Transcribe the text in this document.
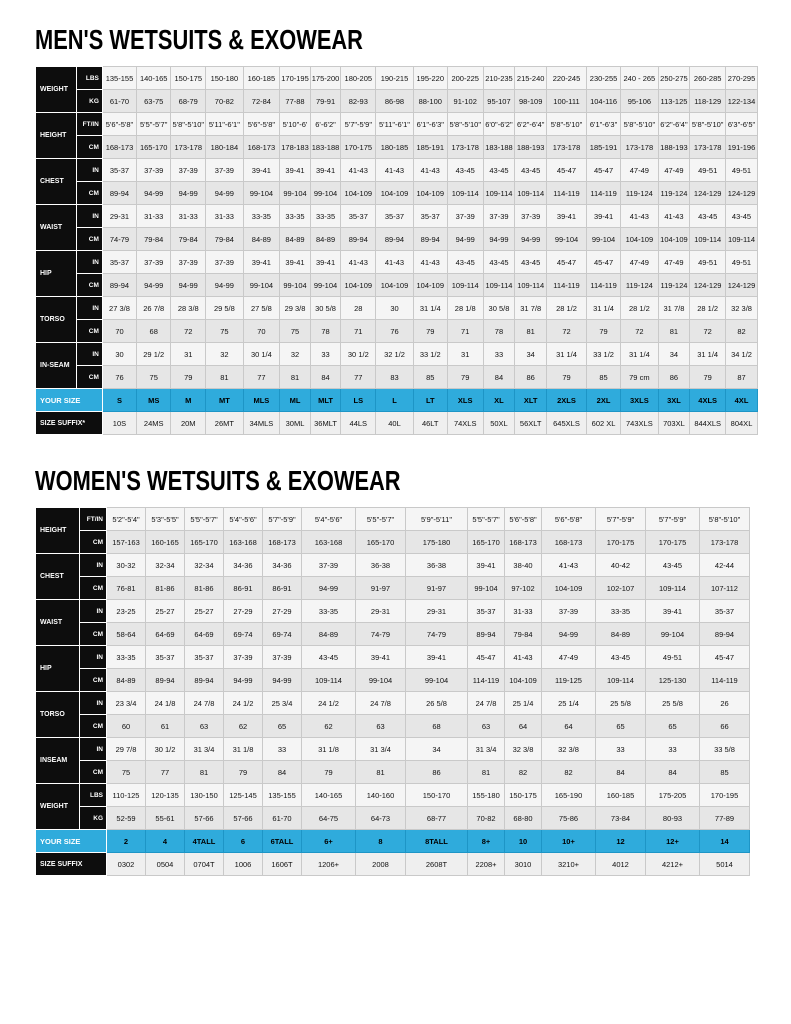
MEN'S WETSUITS & EXOWEAR
WEIGHT	LBS	135-155	140-165	150-175	150-180	160-185	170-195	175-200	180-205	190-215	195-220	200-225	210-235	215-240	220-245	230-255	240 - 265	250-275	260-285	270-295
	KG	61-70	63-75	68-79	70-82	72-84	77-88	79-91	82-93	86-98	88-100	91-102	95-107	98-109	100-111	104-116	95-106	113-125	118-129	122-134
HEIGHT	FT/IN	5'6"-5'8"	5'5"-5'7"	5'8"-5'10"	5'11"-6'1"	5'6"-5'8"	5'10"-6'	6'-6'2"	5'7"-5'9"	5'11"-6'1"	6'1"-6'3"	5'8"-5'10"	6'0"-6'2"	6'2"-6'4"	5'8"-5'10"	6'1"-6'3"	5'8"-5'10"	6'2"-6'4"	5'8"-5'10"	6'3"-6'5"
	CM	168-173	165-170	173-178	180-184	168-173	178-183	183-188	170-175	180-185	185-191	173-178	183-188	188-193	173-178	185-191	173-178	188-193	173-178	191-196
CHEST	IN	35-37	37-39	37-39	37-39	39-41	39-41	39-41	41-43	41-43	41-43	43-45	43-45	43-45	45-47	45-47	47-49	47-49	49-51	49-51
	CM	89-94	94-99	94-99	94-99	99-104	99-104	99-104	104-109	104-109	104-109	109-114	109-114	109-114	114-119	114-119	119-124	119-124	124-129	124-129
WAIST	IN	29-31	31-33	31-33	31-33	33-35	33-35	33-35	35-37	35-37	35-37	37-39	37-39	37-39	39-41	39-41	41-43	41-43	43-45	43-45
	CM	74-79	79-84	79-84	79-84	84-89	84-89	84-89	89-94	89-94	89-94	94-99	94-99	94-99	99-104	99-104	104-109	104-109	109-114	109-114
HIP	IN	35-37	37-39	37-39	37-39	39-41	39-41	39-41	41-43	41-43	41-43	43-45	43-45	43-45	45-47	45-47	47-49	47-49	49-51	49-51
	CM	89-94	94-99	94-99	94-99	99-104	99-104	99-104	104-109	104-109	104-109	109-114	109-114	109-114	114-119	114-119	119-124	119-124	124-129	124-129
TORSO	IN	27 3/8	26 7/8	28 3/8	29 5/8	27 5/8	29 3/8	30 5/8	28	30	31 1/4	28 1/8	30 5/8	31 7/8	28 1/2	31 1/4	28 1/2	31 7/8	28 1/2	32 3/8
	CM	70	68	72	75	70	75	78	71	76	79	71	78	81	72	79	72	81	72	82
IN-SEAM	IN	30	29 1/2	31	32	30 1/4	32	33	30 1/2	32 1/2	33 1/2	31	33	34	31 1/4	33 1/2	31 1/4	34	31 1/4	34 1/2
	CM	76	75	79	81	77	81	84	77	83	85	79	84	86	79	85	79 cm	86	79	87
YOUR SIZE		S	MS	M	MT	MLS	ML	MLT	LS	L	LT	XLS	XL	XLT	2XLS	2XL	3XLS	3XL	4XLS	4XL
SIZE SUFFIX*		10S	24MS	20M	26MT	34MLS	30ML	36MLT	44LS	40L	46LT	74XLS	50XL	56XLT	645XLS	602 XL	743XLS	703XL	844XLS	804XL
WOMEN'S WETSUITS & EXOWEAR
HEIGHT	FT/IN	5'2"-5'4"	5'3"-5'5"	5'5"-5'7"	5'4"-5'6"	5'7"-5'9"	5'4"-5'6"	5'5"-5'7"	5'9"-5'11"	5'5"-5'7"	5'6"-5'8"	5'6"-5'8"	5'7"-5'9"	5'7"-5'9"	5'8"-5'10"
	CM	157-163	160-165	165-170	163-168	168-173	163-168	165-170	175-180	165-170	168-173	168-173	170-175	170-175	173-178
CHEST	IN	30-32	32-34	32-34	34-36	34-36	37-39	36-38	36-38	39-41	38-40	41-43	40-42	43-45	42-44
	CM	76-81	81-86	81-86	86-91	86-91	94-99	91-97	91-97	99-104	97-102	104-109	102-107	109-114	107-112
WAIST	IN	23-25	25-27	25-27	27-29	27-29	33-35	29-31	29-31	35-37	31-33	37-39	33-35	39-41	35-37
	CM	58-64	64-69	64-69	69-74	69-74	84-89	74-79	74-79	89-94	79-84	94-99	84-89	99-104	89-94
HIP	IN	33-35	35-37	35-37	37-39	37-39	43-45	39-41	39-41	45-47	41-43	47-49	43-45	49-51	45-47
	CM	84-89	89-94	89-94	94-99	94-99	109-114	99-104	99-104	114-119	104-109	119-125	109-114	125-130	114-119
TORSO	IN	23 3/4	24 1/8	24 7/8	24 1/2	25 3/4	24 1/2	24 7/8	26 5/8	24 7/8	25 1/4	25 1/4	25 5/8	25 5/8	26
	CM	60	61	63	62	65	62	63	68	63	64	64	65	65	66
INSEAM	IN	29 7/8	30 1/2	31 3/4	31 1/8	33	31 1/8	31 3/4	34	31 3/4	32 3/8	32 3/8	33	33	33 5/8
	CM	75	77	81	79	84	79	81	86	81	82	82	84	84	85
WEIGHT	LBS	110-125	120-135	130-150	125-145	135-155	140-165	140-160	150-170	155-180	150-175	165-190	160-185	175-205	170-195
	KG	52-59	55-61	57-66	57-66	61-70	64-75	64-73	68-77	70-82	68-80	75-86	73-84	80-93	77-89
YOUR SIZE		2	4	4TALL	6	6TALL	6+	8	8TALL	8+	10	10+	12	12+	14
SIZE SUFFIX		0302	0504	0704T	1006	1606T	1206+	2008	2608T	2208+	3010	3210+	4012	4212+	5014
